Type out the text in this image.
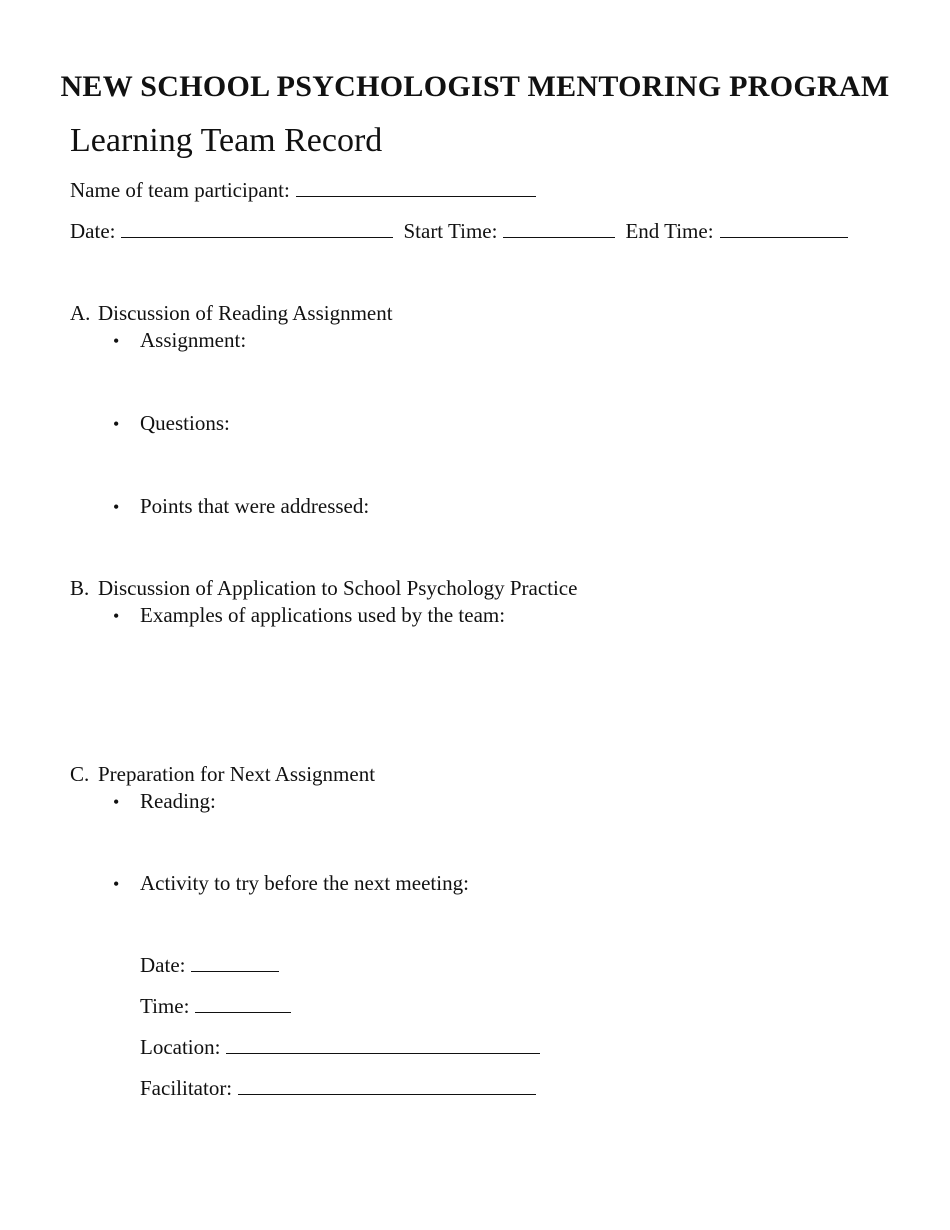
NEW SCHOOL PSYCHOLOGIST MENTORING PROGRAM
Learning Team Record
Name of team participant:
Date:	Start Time:	End Time:
A. Discussion of Reading Assignment
• Assignment:
• Questions:
• Points that were addressed:
B. Discussion of Application to School Psychology Practice
• Examples of applications used by the team:
C. Preparation for Next Assignment
• Reading:
• Activity to try before the next meeting:
Date:
Time:
Location:
Facilitator:
